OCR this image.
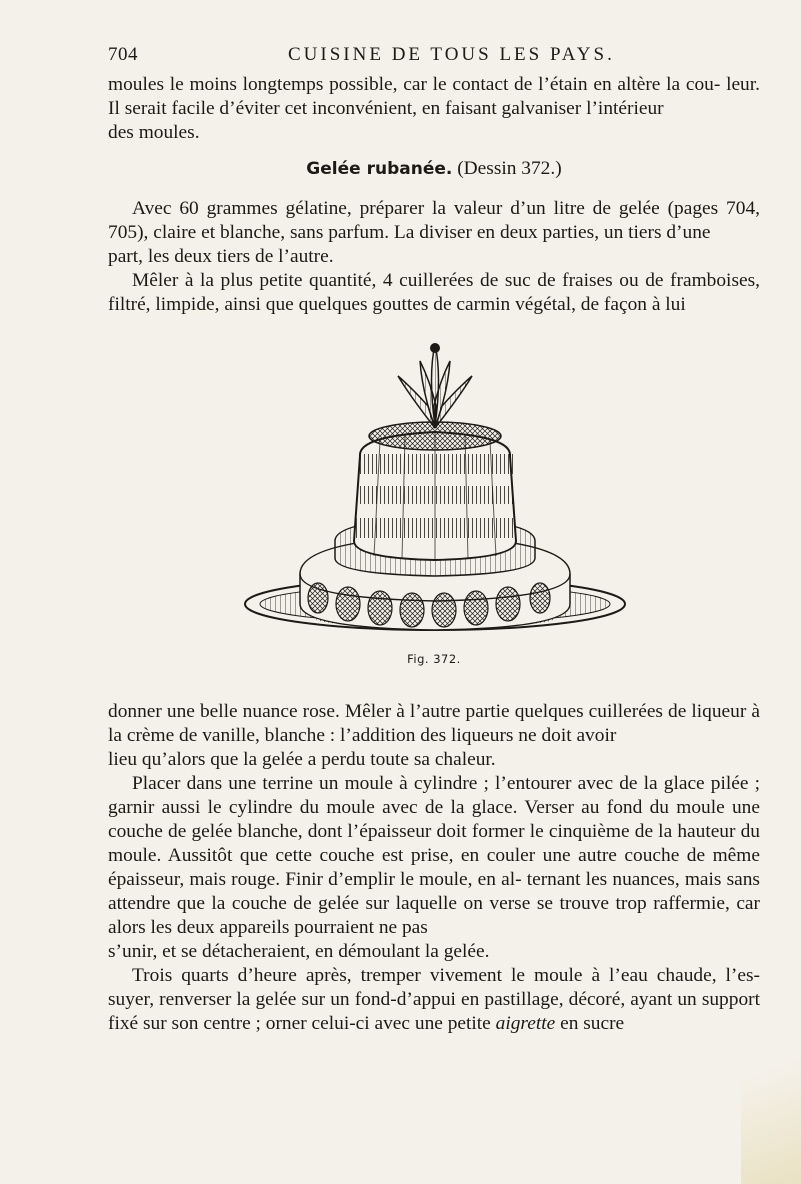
704	CUISINE DE TOUS LES PAYS.

moules le moins longtemps possible, car le contact de l’étain en altère la cou- leur. Il serait facile d’éviter cet inconvénient, en faisant galvaniser l’intérieur

des moules.

Gelée rubanée. (Dessin 372.)

Avec 60 grammes gélatine, préparer la valeur d’un litre de gelée (pages 704, 705), claire et blanche, sans parfum. La diviser en deux parties, un tiers d’une

part, les deux tiers de l’autre.

Mêler à la plus petite quantité, 4 cuillerées de suc de fraises ou de framboises, filtré, limpide, ainsi que quelques gouttes de carmin végétal, de façon à lui

Fig. 372.

donner une belle nuance rose. Mêler à l’autre partie quelques cuillerées de liqueur à la crème de vanille, blanche : l’addition des liqueurs ne doit avoir

lieu qu’alors que la gelée a perdu toute sa chaleur.

Placer dans une terrine un moule à cylindre ; l’entourer avec de la glace pilée ; garnir aussi le cylindre du moule avec de la glace. Verser au fond du moule une couche de gelée blanche, dont l’épaisseur doit former le cinquième de la hauteur du moule. Aussitôt que cette couche est prise, en couler une autre couche de même épaisseur, mais rouge. Finir d’emplir le moule, en al- ternant les nuances, mais sans attendre que la couche de gelée sur laquelle on verse se trouve trop raffermie, car alors les deux appareils pourraient ne pas

s’unir, et se détacheraient, en démoulant la gelée.

Trois quarts d’heure après, tremper vivement le moule à l’eau chaude, l’es- suyer, renverser la gelée sur un fond-d’appui en pastillage, décoré, ayant un support fixé sur son centre ; orner celui-ci avec une petite aigrette en sucre
